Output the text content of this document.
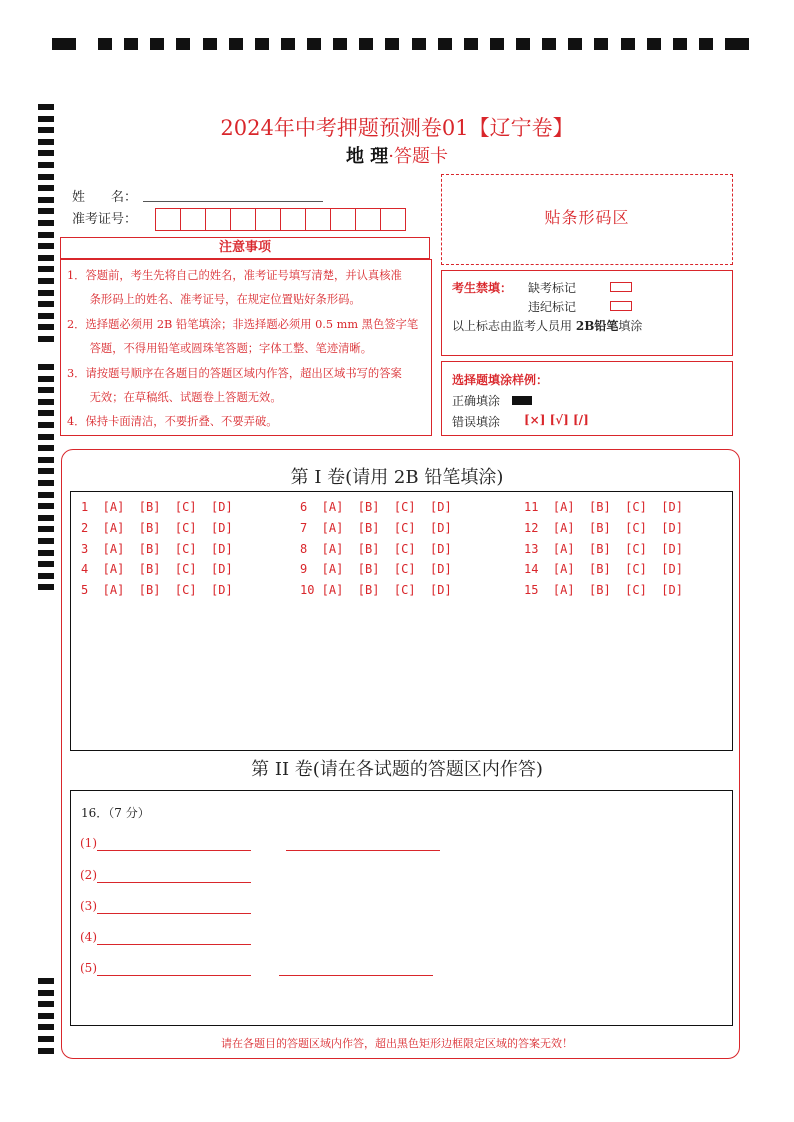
2024年中考押题预测卷01【辽宁卷】
地 理·答题卡
姓　　名：
准考证号：
注意事项
1．答题前，考生先将自己的姓名，准考证号填写清楚，并认真核准
　　条形码上的姓名、准考证号，在规定位置贴好条形码。
2．选择题必须用 2B 铅笔填涂；非选择题必须用 0.5 mm 黑色签字笔
　　答题，不得用铅笔或圆珠笔答题；字体工整、笔迹清晰。
3．请按题号顺序在各题目的答题区域内作答，超出区域书写的答案
　　无效；在草稿纸、试题卷上答题无效。
4．保持卡面清洁，不要折叠、不要弄破。
贴条形码区
考生禁填： 缺考标记
违纪标记
以上标志由监考人员用 2B铅笔填涂
选择题填涂样例：
正确填涂
错误填涂 [×] [√] [/]
第 I 卷(请用 2B 铅笔填涂)
1  [A]  [B]  [C]  [D]	6  [A]  [B]  [C]  [D]	11  [A]  [B]  [C]  [D]
2  [A]  [B]  [C]  [D]	7  [A]  [B]  [C]  [D]	12  [A]  [B]  [C]  [D]
3  [A]  [B]  [C]  [D]	8  [A]  [B]  [C]  [D]	13  [A]  [B]  [C]  [D]
4  [A]  [B]  [C]  [D]	9  [A]  [B]  [C]  [D]	14  [A]  [B]  [C]  [D]
5  [A]  [B]  [C]  [D]	10 [A]  [B]  [C]  [D]	15  [A]  [B]  [C]  [D]
第 II 卷(请在各试题的答题区内作答)
16．（7 分）
(1)
(2)
(3)
(4)
(5)
请在各题目的答题区域内作答，超出黑色矩形边框限定区域的答案无效！
